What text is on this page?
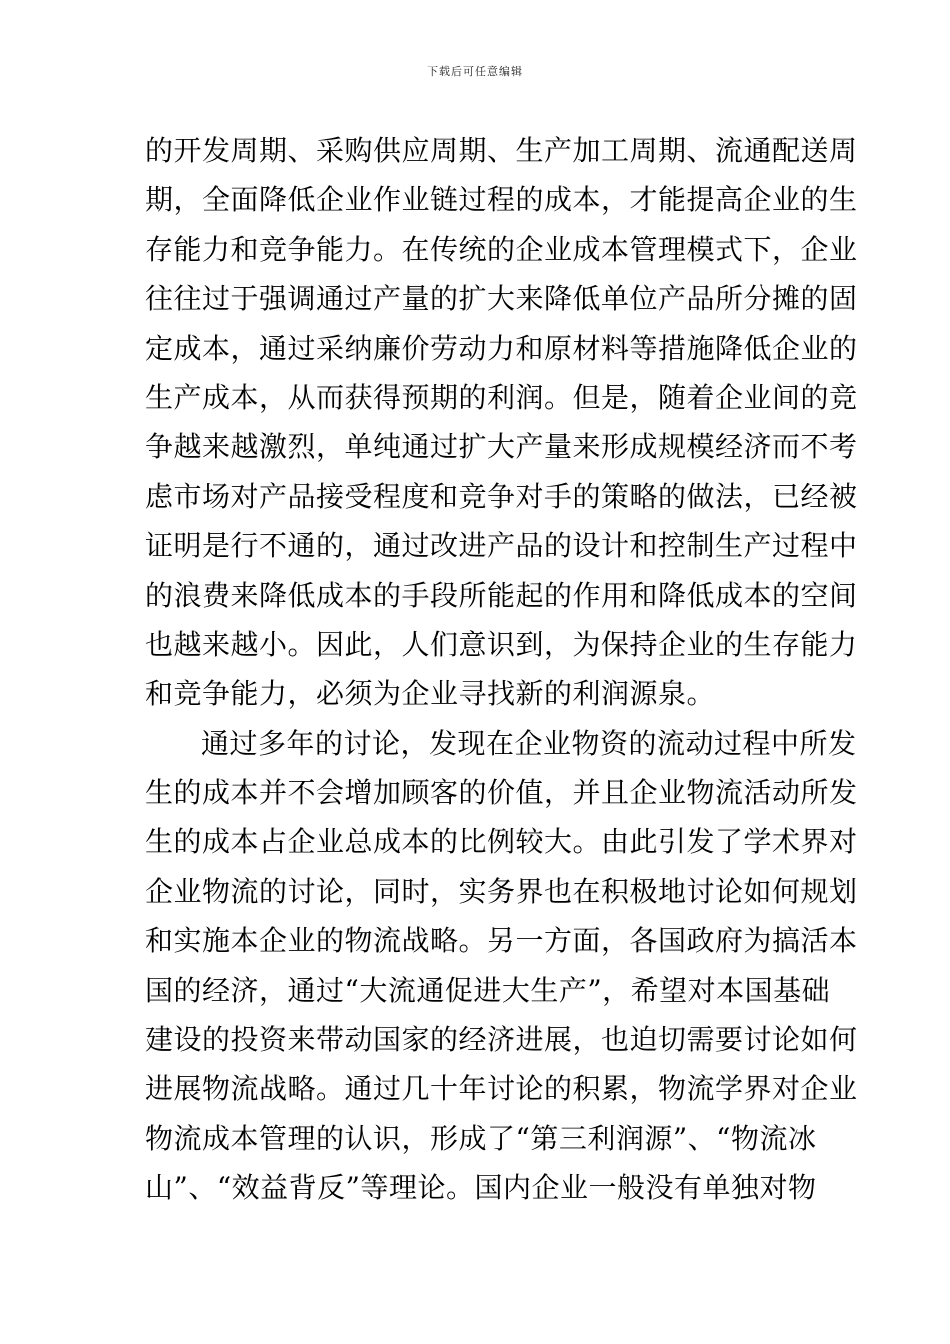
下载后可任意编辑
的开发周期、采购供应周期、生产加工周期、流通配送周
期，全面降低企业作业链过程的成本，才能提高企业的生
存能力和竞争能力。在传统的企业成本管理模式下，企业
往往过于强调通过产量的扩大来降低单位产品所分摊的固
定成本，通过采纳廉价劳动力和原材料等措施降低企业的
生产成本，从而获得预期的利润。但是，随着企业间的竞
争越来越激烈，单纯通过扩大产量来形成规模经济而不考
虑市场对产品接受程度和竞争对手的策略的做法，已经被
证明是行不通的，通过改进产品的设计和控制生产过程中
的浪费来降低成本的手段所能起的作用和降低成本的空间
也越来越小。因此，人们意识到，为保持企业的生存能力
和竞争能力，必须为企业寻找新的利润源泉。
通过多年的讨论，发现在企业物资的流动过程中所发
生的成本并不会增加顾客的价值，并且企业物流活动所发
生的成本占企业总成本的比例较大。由此引发了学术界对
企业物流的讨论，同时，实务界也在积极地讨论如何规划
和实施本企业的物流战略。另一方面，各国政府为搞活本
国的经济，通过“大流通促进大生产”，希望对本国基础
建设的投资来带动国家的经济进展，也迫切需要讨论如何
进展物流战略。通过几十年讨论的积累，物流学界对企业
物流成本管理的认识，形成了“第三利润源”、“物流冰
山”、“效益背反”等理论。国内企业一般没有单独对物
